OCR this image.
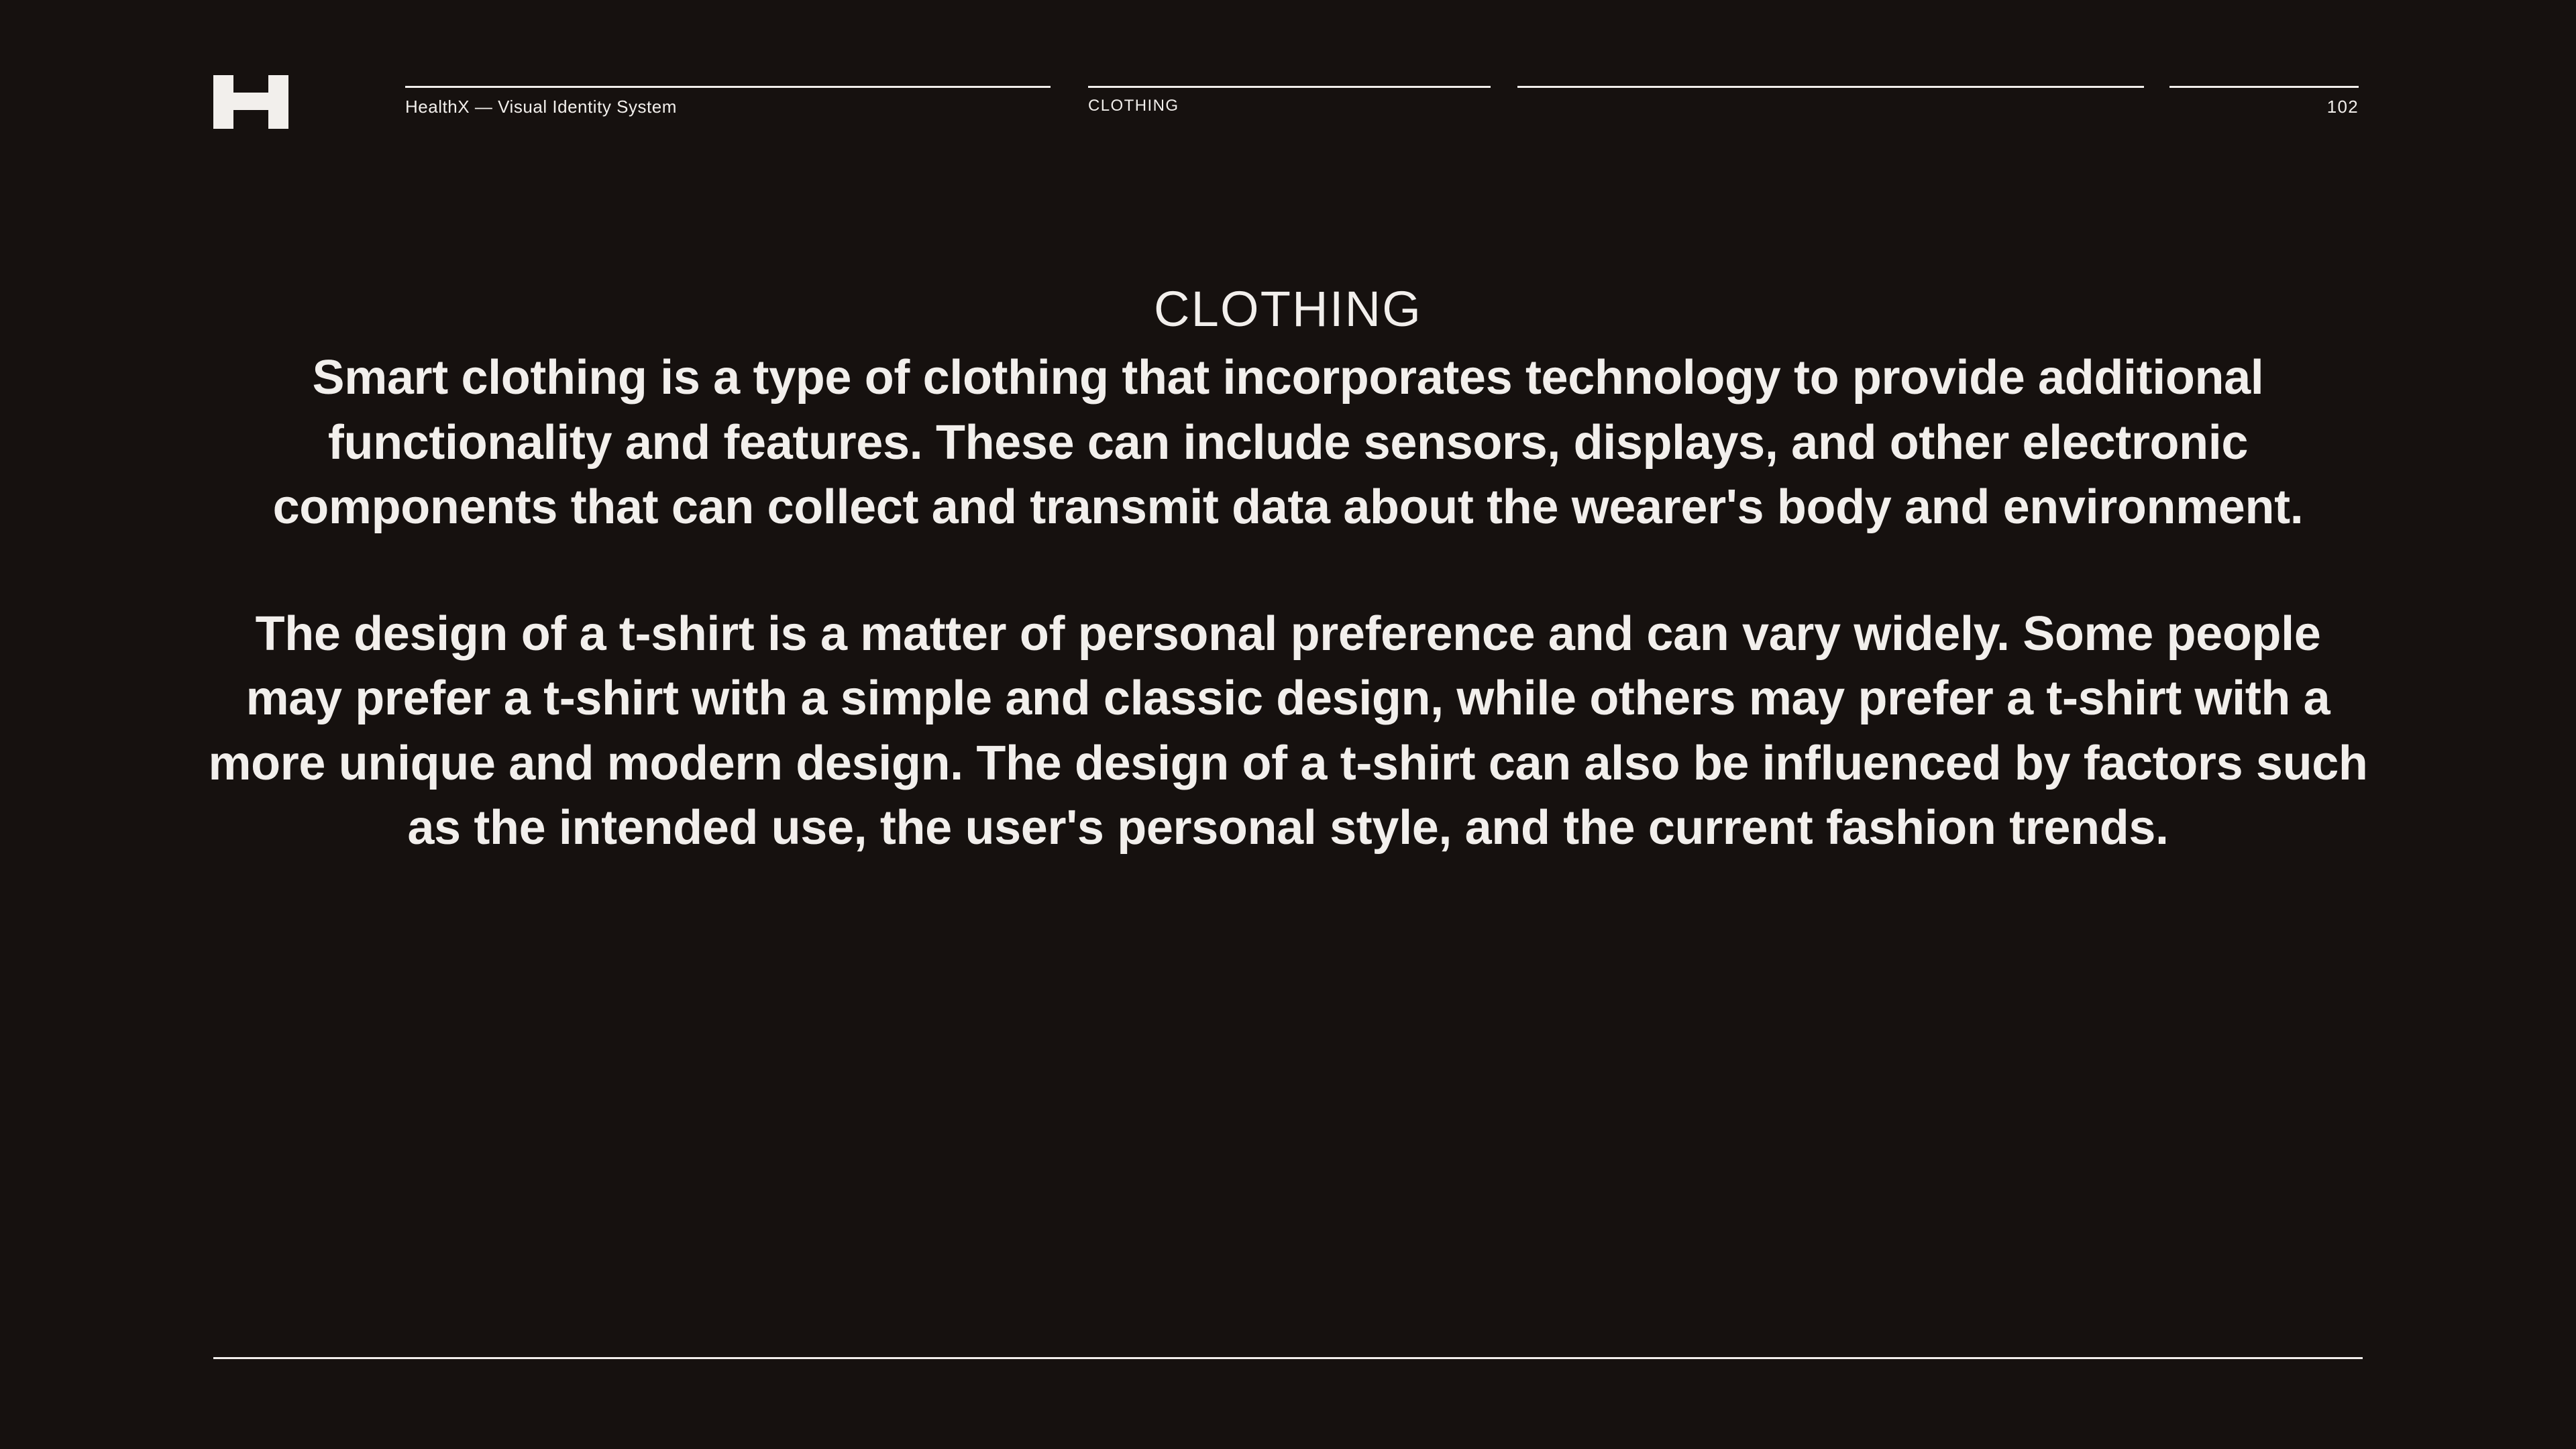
HealthX — Visual Identity System	CLOTHING	102
CLOTHING

Smart clothing is a type of clothing that incorporates technology to provide additional functionality and features. These can include sensors, displays, and other electronic components that can collect and transmit data about the wearer's body and environment.

The design of a t-shirt is a matter of personal preference and can vary widely. Some people may prefer a t-shirt with a simple and classic design, while others may prefer a t-shirt with a more unique and modern design. The design of a t-shirt can also be influenced by factors such as the intended use, the user's personal style, and the current fashion trends.
